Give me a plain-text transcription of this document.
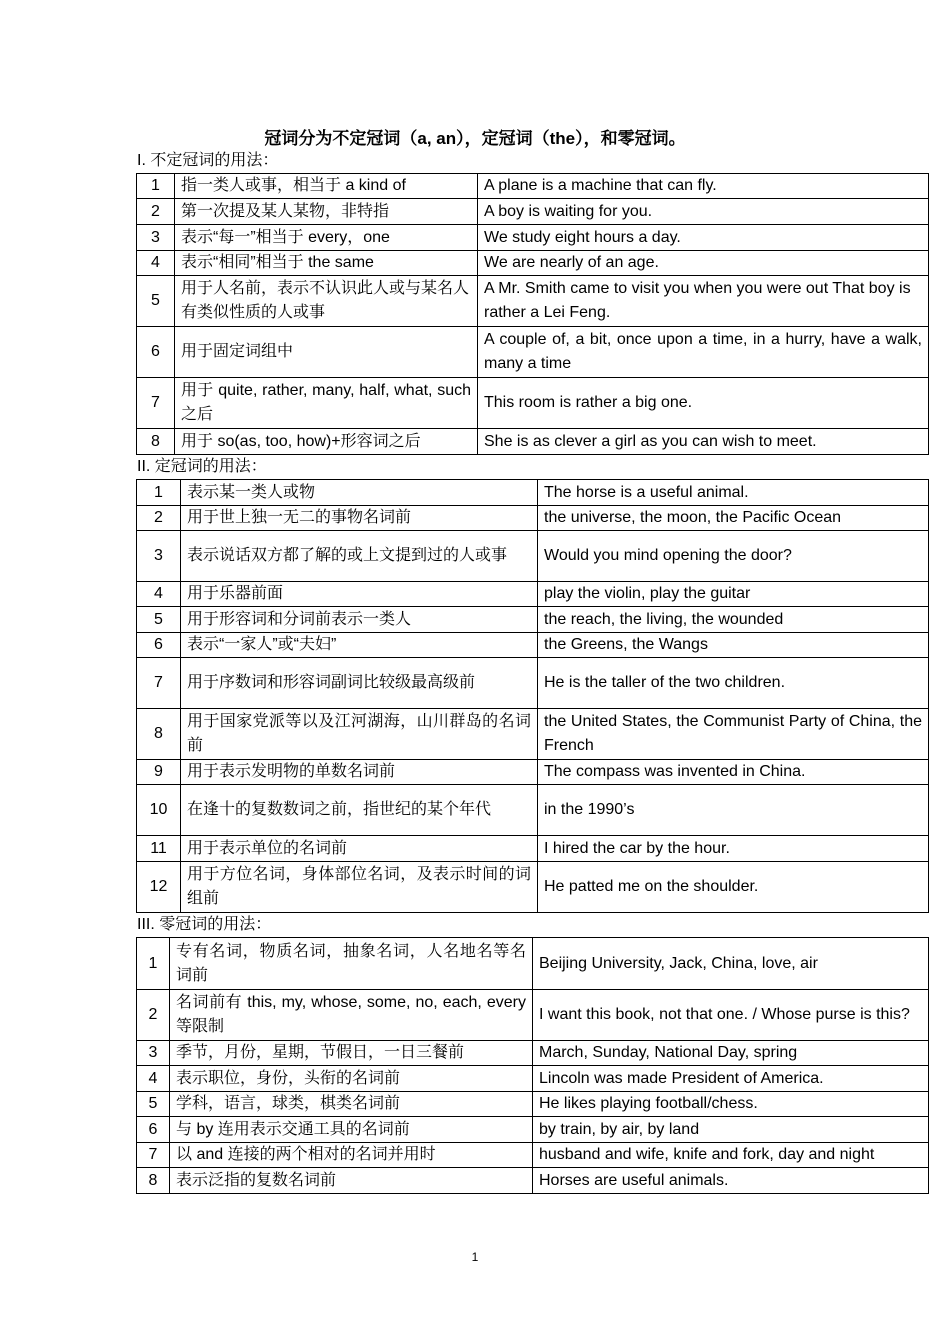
冠词分为不定冠词（a, an），定冠词（the），和零冠词。
I. 不定冠词的用法：
1	指一类人或事，相当于 a kind of	A plane is a machine that can fly.
2	第一次提及某人某物，非特指	A boy is waiting for you.
3	表示“每一”相当于 every，one	We study eight hours a day.
4	表示“相同”相当于 the same	We are nearly of an age.
5	用于人名前，表示不认识此人或与某名人有类似性质的人或事	A Mr. Smith came to visit you when you were out That boy is rather a Lei Feng.
6	用于固定词组中	A couple of, a bit, once upon a time, in a hurry, have a walk, many a time
7	用于 quite, rather, many, half, what, such 之后	This room is rather a big one.
8	用于 so(as, too, how)+形容词之后	She is as clever a girl as you can wish to meet.
II. 定冠词的用法：
1	表示某一类人或物	The horse is a useful animal.
2	用于世上独一无二的事物名词前	the universe, the moon, the Pacific Ocean
3	表示说话双方都了解的或上文提到过的人或事	Would you mind opening the door?
4	用于乐器前面	play the violin, play the guitar
5	用于形容词和分词前表示一类人	the reach, the living, the wounded
6	表示“一家人”或“夫妇”	the Greens, the Wangs
7	用于序数词和形容词副词比较级最高级前	He is the taller of the two children.
8	用于国家党派等以及江河湖海，山川群岛的名词前	the United States, the Communist Party of China, the French
9	用于表示发明物的单数名词前	The compass was invented in China.
10	在逢十的复数数词之前，指世纪的某个年代	in the 1990’s
11	用于表示单位的名词前	I hired the car by the hour.
12	用于方位名词，身体部位名词，及表示时间的词组前	He patted me on the shoulder.
III. 零冠词的用法：
1	专有名词，物质名词，抽象名词，人名地名等名词前	Beijing University, Jack, China, love, air
2	名词前有 this, my, whose, some, no, each, every 等限制	I want this book, not that one. / Whose purse is this?
3	季节，月份，星期，节假日，一日三餐前	March, Sunday, National Day, spring
4	表示职位，身份，头衔的名词前	Lincoln was made President of America.
5	学科，语言，球类，棋类名词前	He likes playing football/chess.
6	与 by 连用表示交通工具的名词前	by train, by air, by land
7	以 and 连接的两个相对的名词并用时	husband and wife, knife and fork, day and night
8	表示泛指的复数名词前	Horses are useful animals.
1
